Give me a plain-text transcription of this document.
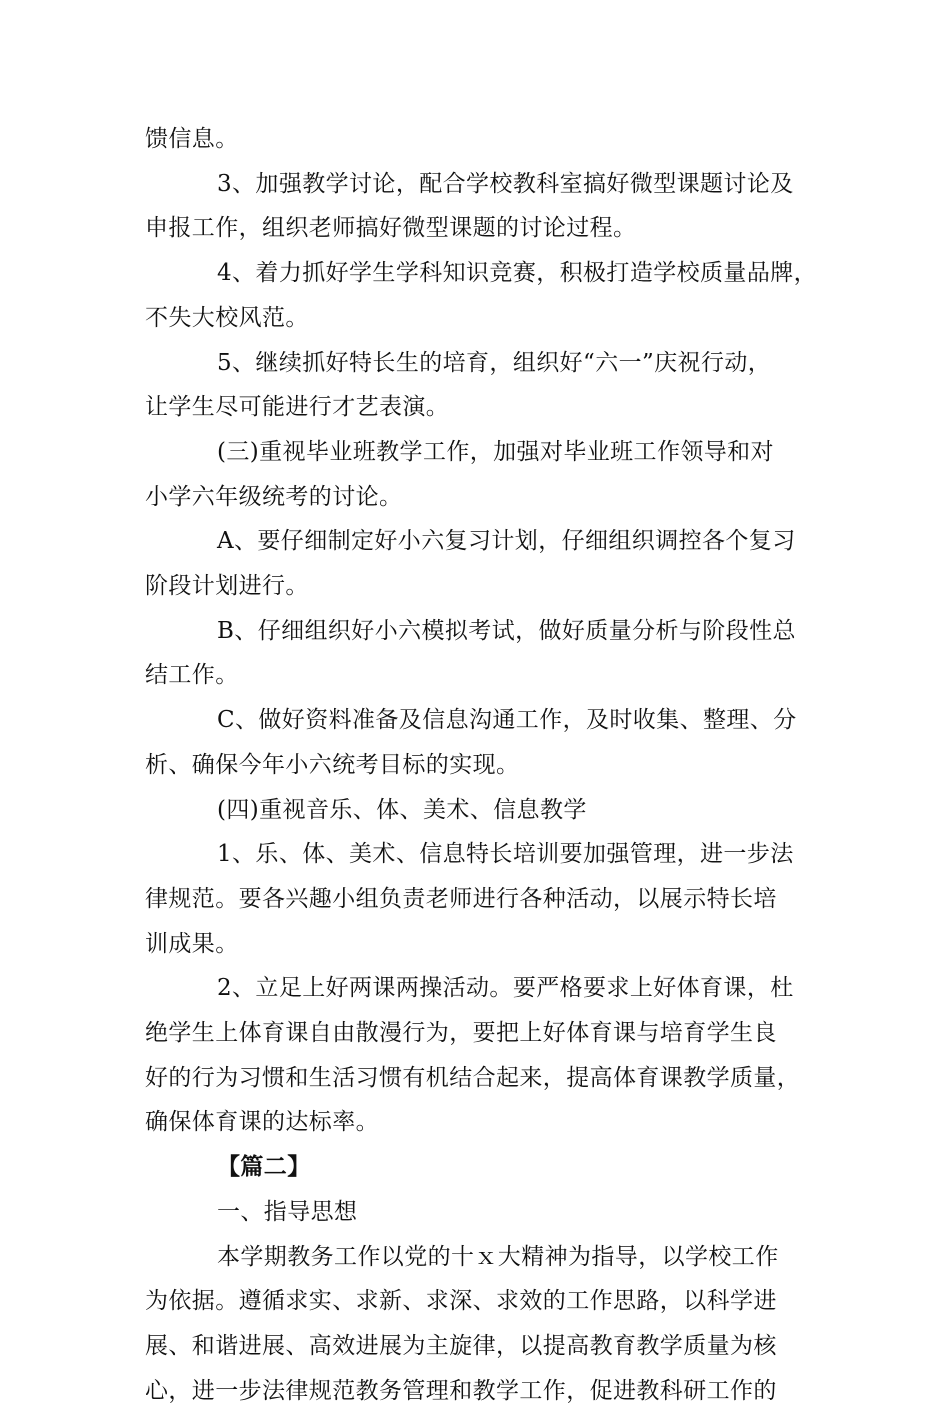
馈信息。
3、加强教学讨论，配合学校教科室搞好微型课题讨论及
申报工作，组织老师搞好微型课题的讨论过程。
4、着力抓好学生学科知识竞赛，积极打造学校质量品牌，
不失大校风范。
5、继续抓好特长生的培育，组织好“六一”庆祝行动，
让学生尽可能进行才艺表演。
(三)重视毕业班教学工作，加强对毕业班工作领导和对
小学六年级统考的讨论。
A、要仔细制定好小六复习计划，仔细组织调控各个复习
阶段计划进行。
B、仔细组织好小六模拟考试，做好质量分析与阶段性总
结工作。
C、做好资料准备及信息沟通工作，及时收集、整理、分
析、确保今年小六统考目标的实现。
(四)重视音乐、体、美术、信息教学
1、乐、体、美术、信息特长培训要加强管理，进一步法
律规范。要各兴趣小组负责老师进行各种活动，以展示特长培
训成果。
2、立足上好两课两操活动。要严格要求上好体育课，杜
绝学生上体育课自由散漫行为，要把上好体育课与培育学生良
好的行为习惯和生活习惯有机结合起来，提高体育课教学质量，
确保体育课的达标率。
【篇二】
一、指导思想
本学期教务工作以党的十ｘ大精神为指导，以学校工作
为依据。遵循求实、求新、求深、求效的工作思路，以科学进
展、和谐进展、高效进展为主旋律，以提高教育教学质量为核
心，进一步法律规范教务管理和教学工作，促进教科研工作的
